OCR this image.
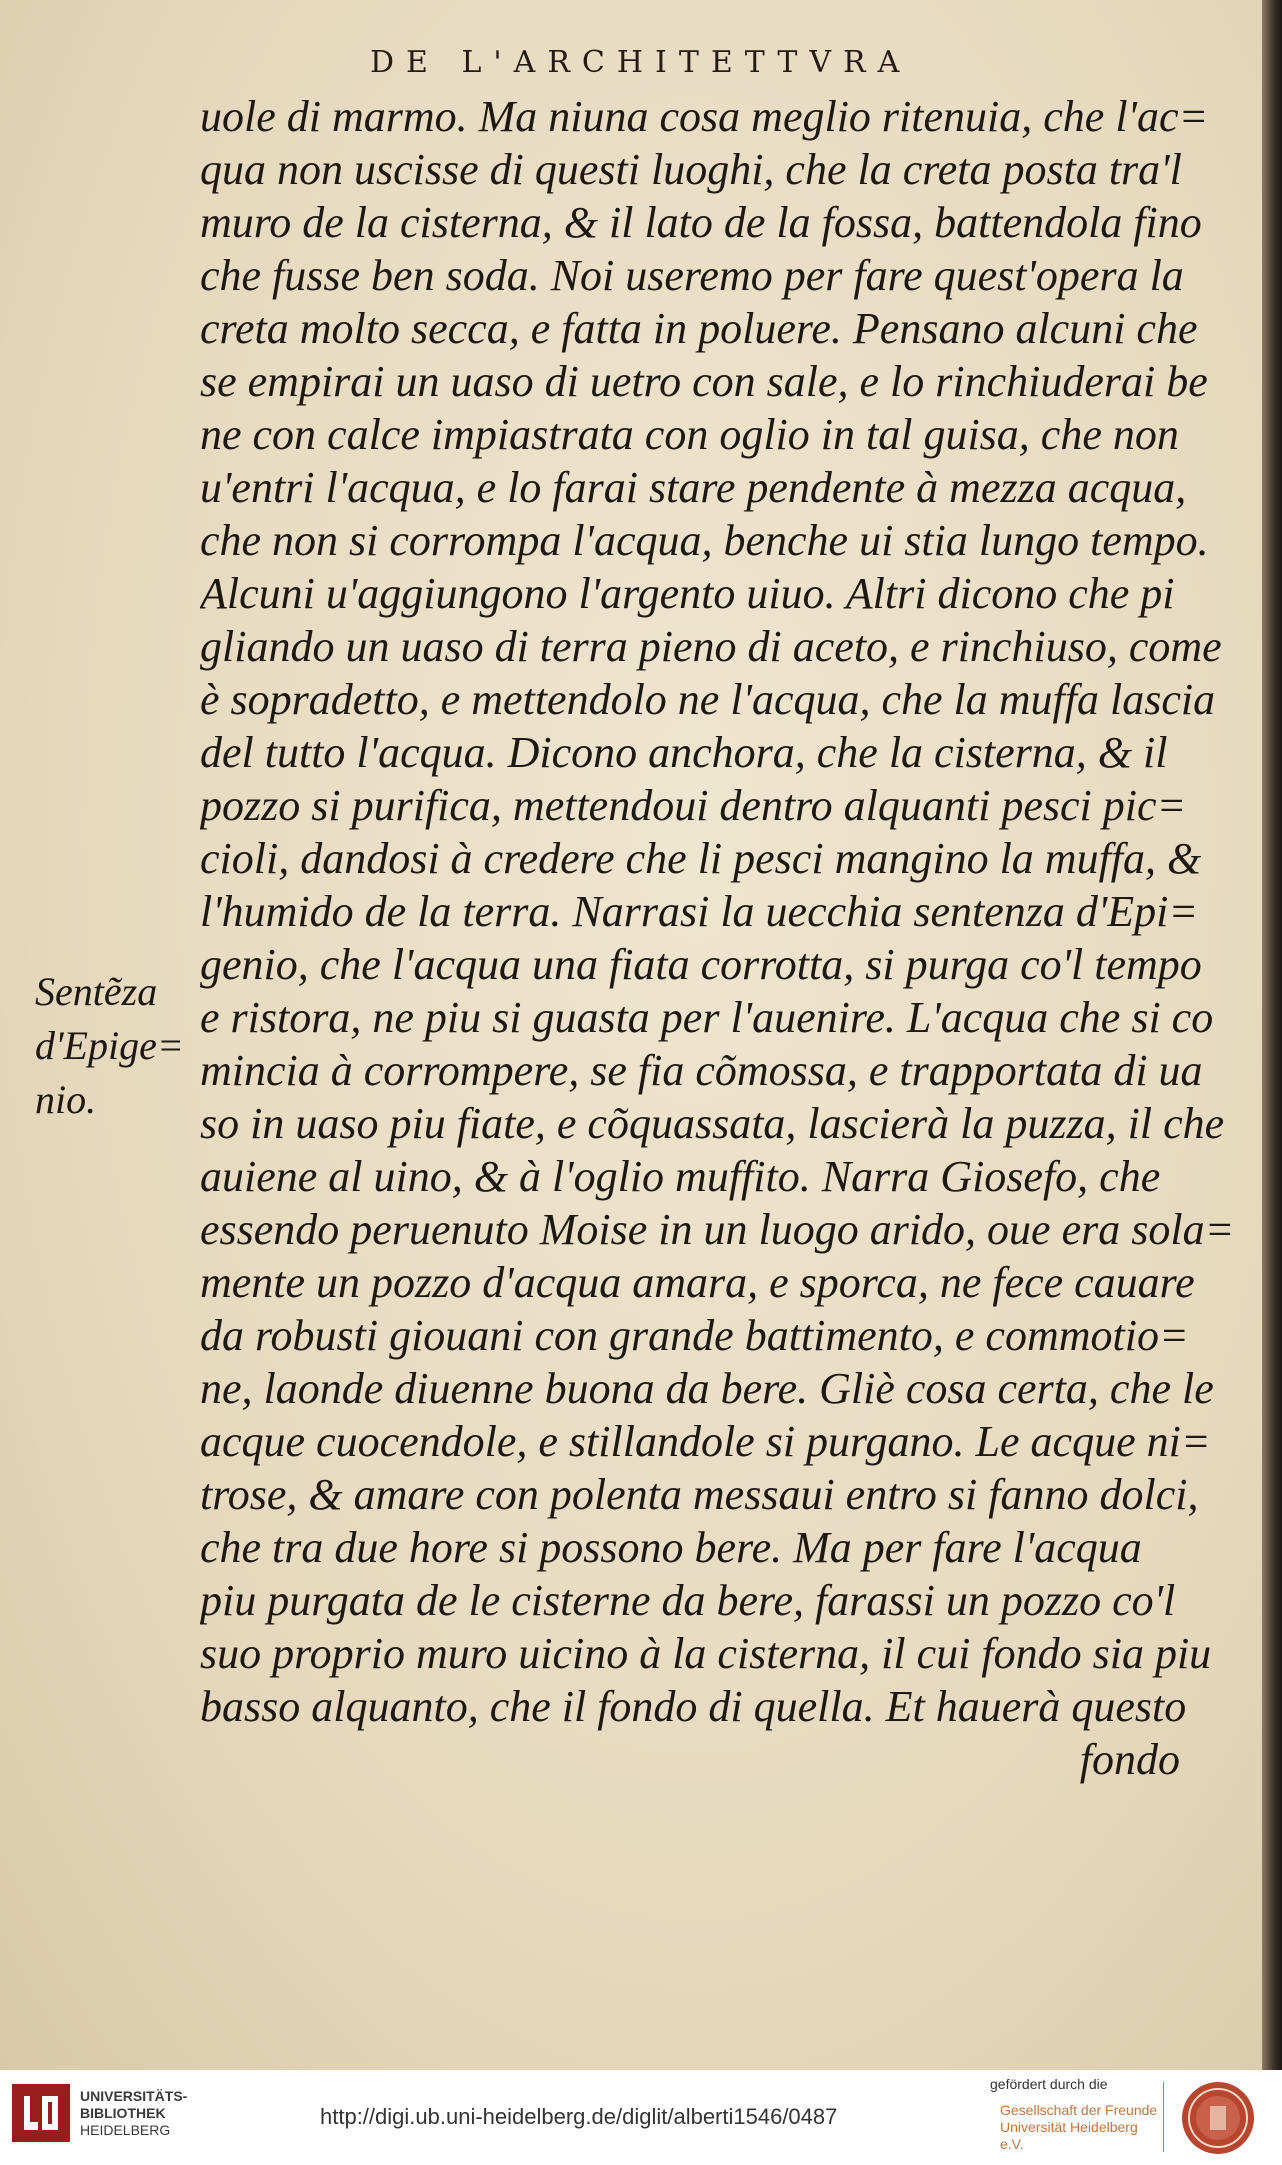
DE L'ARCHITETTVRA
uole di marmo. Ma niuna cosa meglio ritenuia, che l'ac=
qua non uscisse di questi luoghi, che la creta posta tra'l
muro de la cisterna, & il lato de la fossa, battendola fino
che fusse ben soda. Noi useremo per fare quest'opera la
creta molto secca, e fatta in poluere. Pensano alcuni che
se empirai un uaso di uetro con sale, e lo rinchiuderai be
ne con calce impiastrata con oglio in tal guisa, che non
u'entri l'acqua, e lo farai stare pendente à mezza acqua,
che non si corrompa l'acqua, benche ui stia lungo tempo.
Alcuni u'aggiungono l'argento uiuo. Altri dicono che pi
gliando un uaso di terra pieno di aceto, e rinchiuso, come
è sopradetto, e mettendolo ne l'acqua, che la muffa lascia
del tutto l'acqua. Dicono anchora, che la cisterna, & il
pozzo si purifica, mettendoui dentro alquanti pesci pic=
cioli, dandosi à credere che li pesci mangino la muffa, &
l'humido de la terra. Narrasi la uecchia sentenza d'Epi=
genio, che l'acqua una fiata corrotta, si purga co'l tempo
e ristora, ne piu si guasta per l'auenire. L'acqua che si co
mincia à corrompere, se fia cõmossa, e trapportata di ua
so in uaso piu fiate, e cõquassata, lascierà la puzza, il che
auiene al uino, & à l'oglio muffito. Narra Giosefo, che
essendo peruenuto Moise in un luogo arido, oue era sola=
mente un pozzo d'acqua amara, e sporca, ne fece cauare
da robusti giouani con grande battimento, e commotio=
ne, laonde diuenne buona da bere. Gliè cosa certa, che le
acque cuocendole, e stillandole si purgano. Le acque ni=
trose, & amare con polenta messaui entro si fanno dolci,
che tra due hore si possono bere. Ma per fare l'acqua
piu purgata de le cisterne da bere, farassi un pozzo co'l
suo proprio muro uicino à la cisterna, il cui fondo sia piu
basso alquanto, che il fondo di quella. Et hauerà questo
fondo
Sentẽza
d'Epige=
nio.
UNIVERSITÄTS-
BIBLIOTHEK
HEIDELBERG
http://digi.ub.uni-heidelberg.de/diglit/alberti1546/0487
gefördert durch die
Gesellschaft der Freunde
Universität Heidelberg e.V.
